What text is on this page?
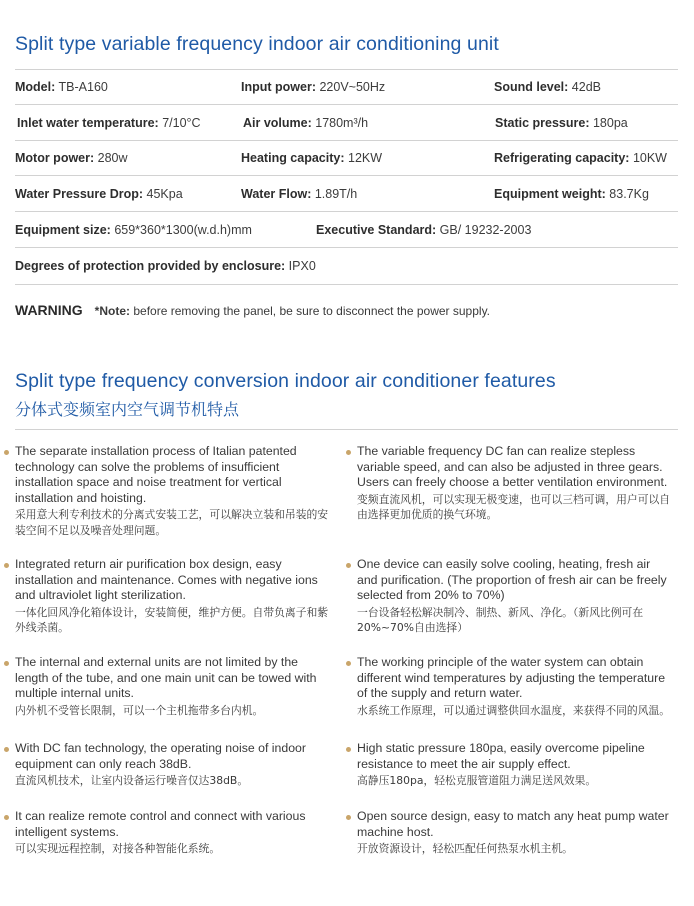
Split type variable frequency indoor air conditioning unit
Model: TB-A160	Input power: 220V~50Hz	Sound level: 42dB
Inlet water temperature: 7/10°C	Air volume: 1780m³/h	Static pressure: 180pa
Motor power: 280w	Heating capacity: 12KW	Refrigerating capacity: 10KW
Water Pressure Drop: 45Kpa	Water Flow: 1.89T/h	Equipment weight: 83.7Kg
Equipment size: 659*360*1300(w.d.h)mm	Executive Standard: GB/ 19232-2003
Degrees of protection provided by enclosure: IPX0
WARNING *Note: before removing the panel, be sure to disconnect the power supply.
Split type frequency conversion indoor air conditioner features
分体式变频室内空气调节机特点
The separate installation process of Italian patented technology can solve the problems of insufficient installation space and noise treatment for vertical installation and hoisting.
采用意大利专利技术的分离式安装工艺，可以解决立装和吊装的安装空间不足以及噪音处理问题。
Integrated return air purification box design, easy installation and maintenance. Comes with negative ions and ultraviolet light sterilization.
一体化回风净化箱体设计，安装简便，维护方便。自带负离子和紫外线杀菌。
The internal and external units are not limited by the length of the tube, and one main unit can be towed with multiple internal units.
内外机不受管长限制，可以一个主机拖带多台内机。
With DC fan technology, the operating noise of indoor equipment can only reach 38dB.
直流风机技术，让室内设备运行噪音仅达38dB。
It can realize remote control and connect with various intelligent systems.
可以实现远程控制，对接各种智能化系统。
The variable frequency DC fan can realize stepless variable speed, and can also be adjusted in three gears. Users can freely choose a better ventilation environment.
变频直流风机，可以实现无极变速，也可以三档可调，用户可以自由选择更加优质的换气环境。
One device can easily solve cooling, heating, fresh air and purification. (The proportion of fresh air can be freely selected from 20% to 70%)
一台设备轻松解决制冷、制热、新风、净化。（新风比例可在20%~70%自由选择）
The working principle of the water system can obtain different wind temperatures by adjusting the temperature of the supply and return water.
水系统工作原理，可以通过调整供回水温度，来获得不同的风温。
High static pressure 180pa, easily overcome pipeline resistance to meet the air supply effect.
高静压180pa，轻松克服管道阻力满足送风效果。
Open source design, easy to match any heat pump water machine host.
开放资源设计，轻松匹配任何热泵水机主机。
